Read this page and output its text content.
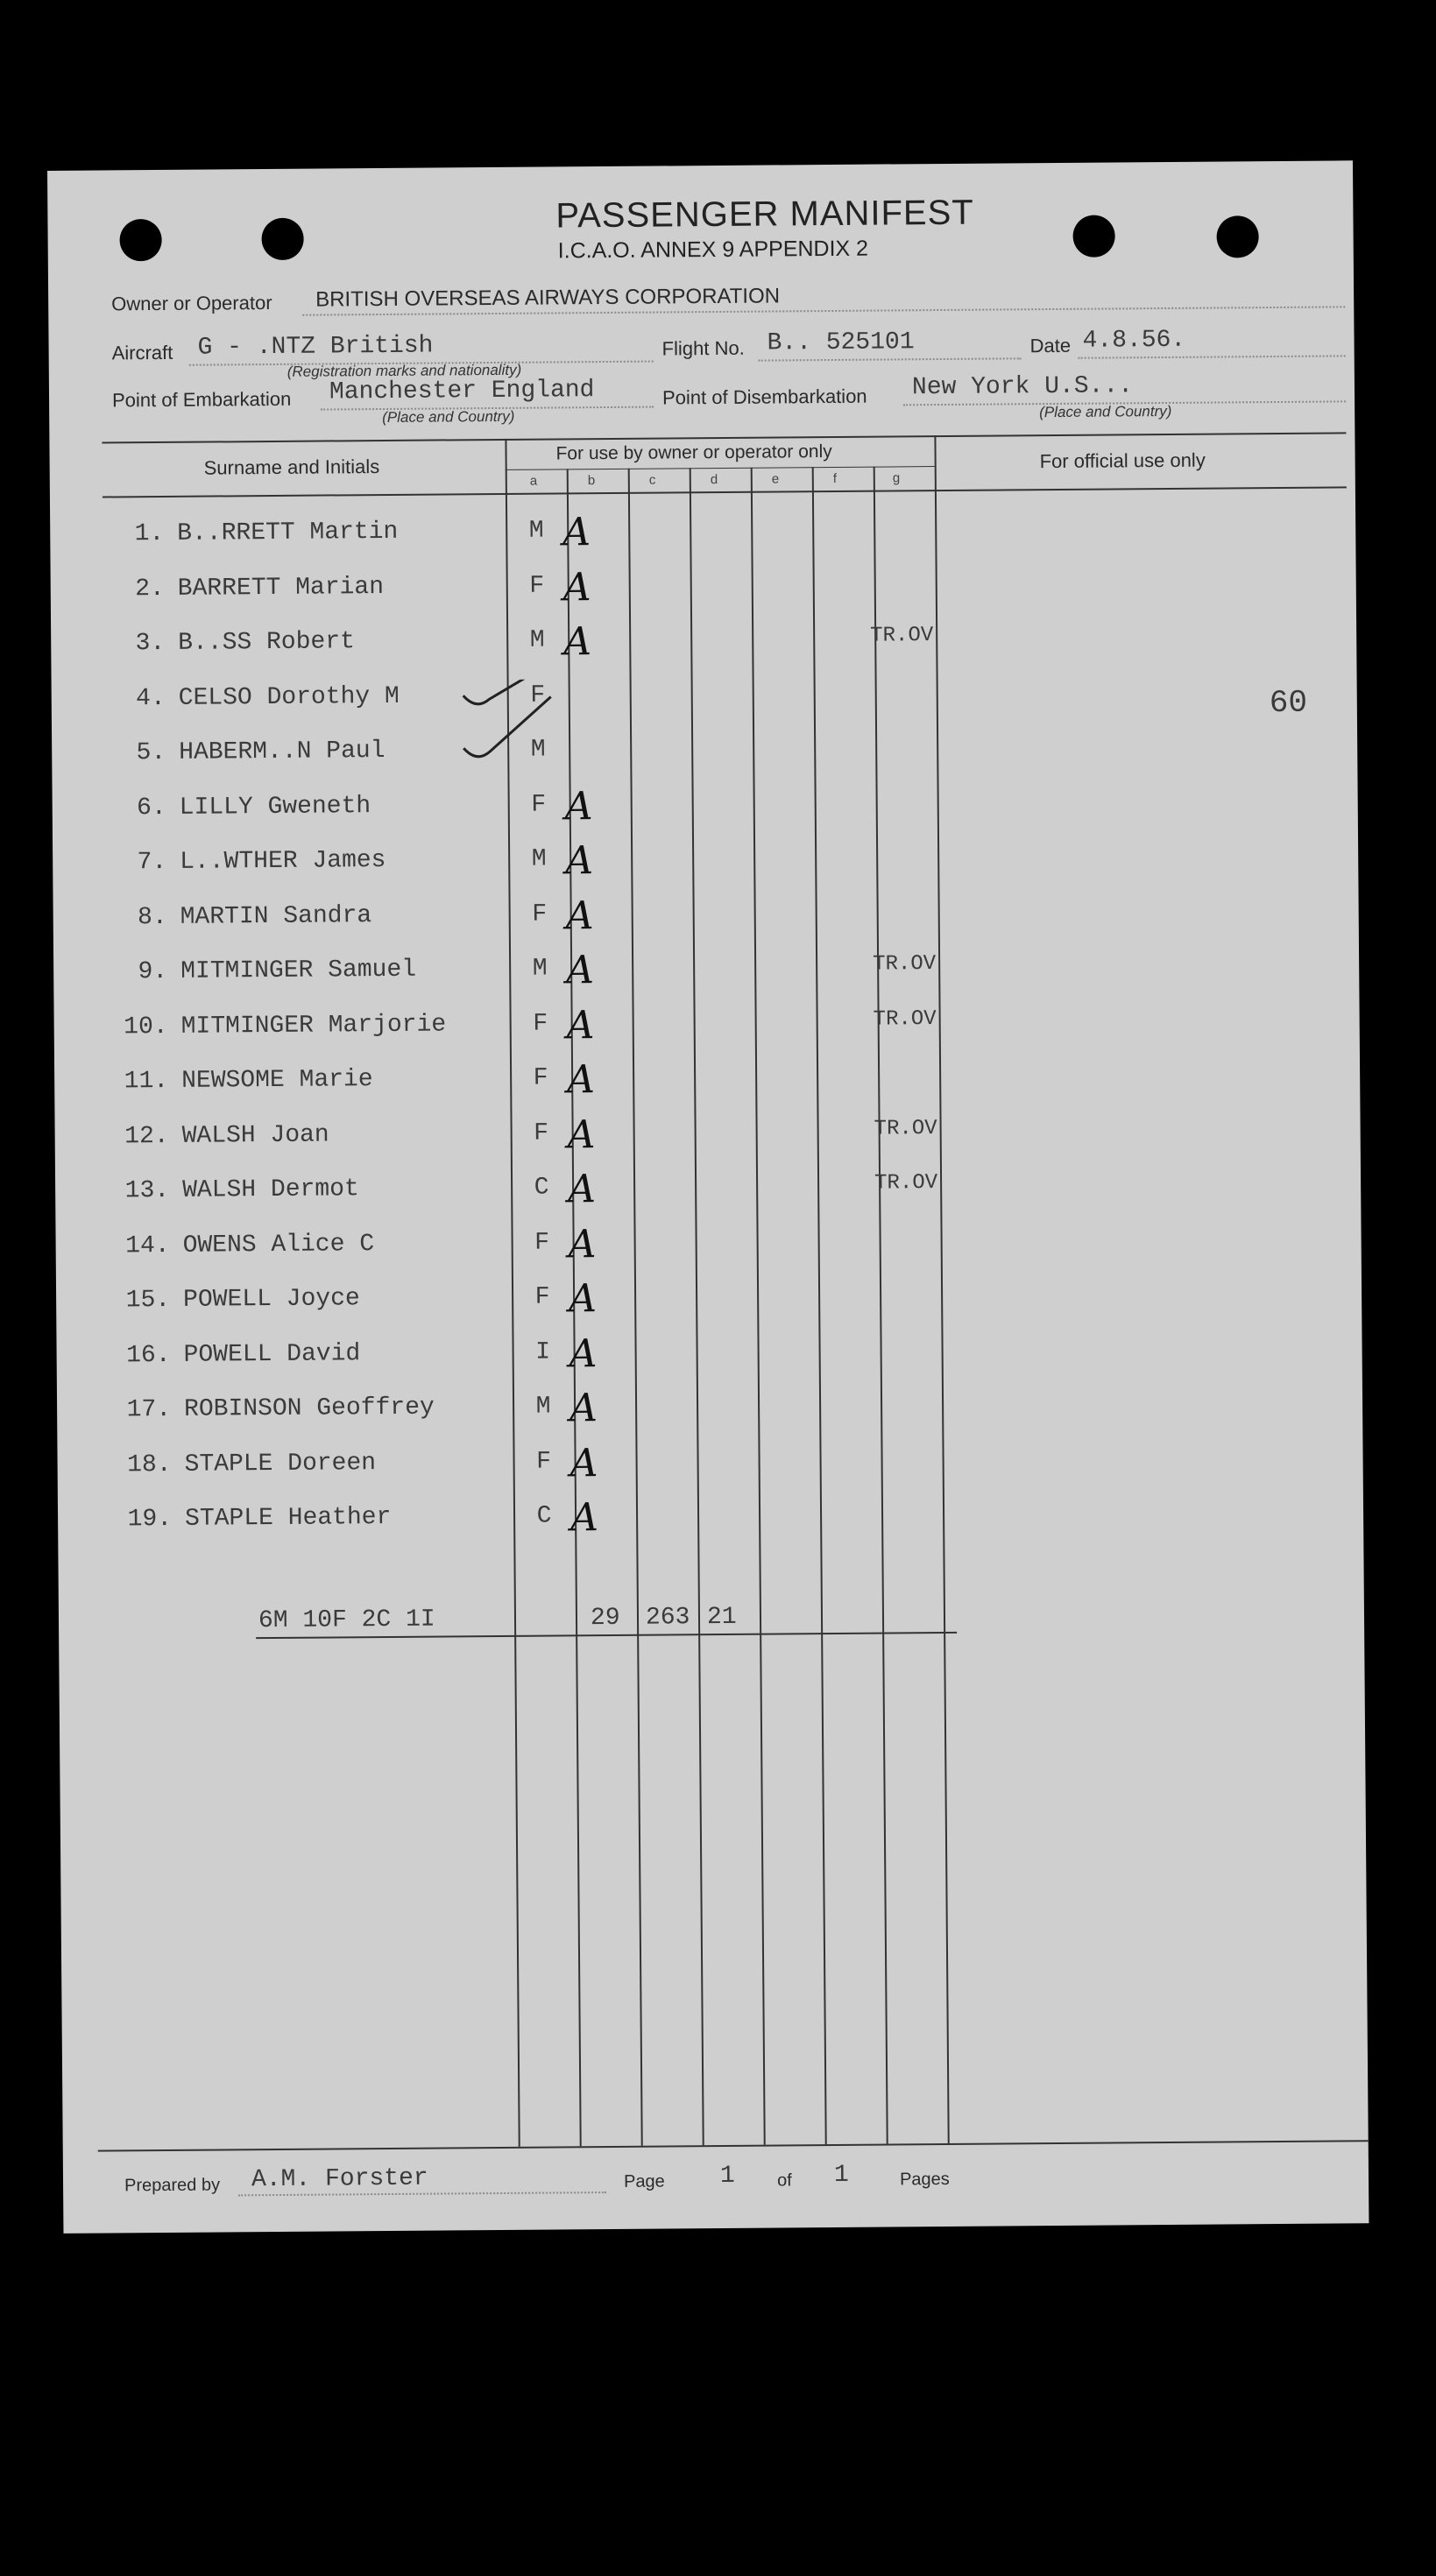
PASSENGER MANIFEST
I.C.A.O. ANNEX 9 APPENDIX 2
Owner or Operator BRITISH OVERSEAS AIRWAYS CORPORATION
Aircraft G - .NTZ British
(Registration marks and nationality)
Flight No. B.. 525101	Date 4.8.56.
Point of Embarkation Manchester England
(Place and Country)
Point of Disembarkation New York U.S...
(Place and Country)
Surname and Initials
For use by owner or operator only	For official use only
a	b	c	d	e	f	g
1. B..RRETT Martin	M A
2. BARRETT Marian	F A
3. B..SS Robert	M A	TR.OV
4. CELSO Dorothy M	F
5. HABERM..N Paul	M
6. LILLY Gweneth	F A
7. L..WTHER James	M A
8. MARTIN Sandra	F A
9. MITMINGER Samuel	M A	TR.OV
10. MITMINGER Marjorie	F A	TR.OV
11. NEWSOME Marie	F A
12. WALSH Joan	F A	TR.OV
13. WALSH Dermot	C A	TR.OV
14. OWENS Alice C	F A
15. POWELL Joyce	F A
16. POWELL David	I A
17. ROBINSON Geoffrey	M A
18. STAPLE Doreen	F A
19. STAPLE Heather	C A
60
6M 10F 2C 1I	29 263 21
Prepared by A.M. Forster	Page 1 of 1	Pages
